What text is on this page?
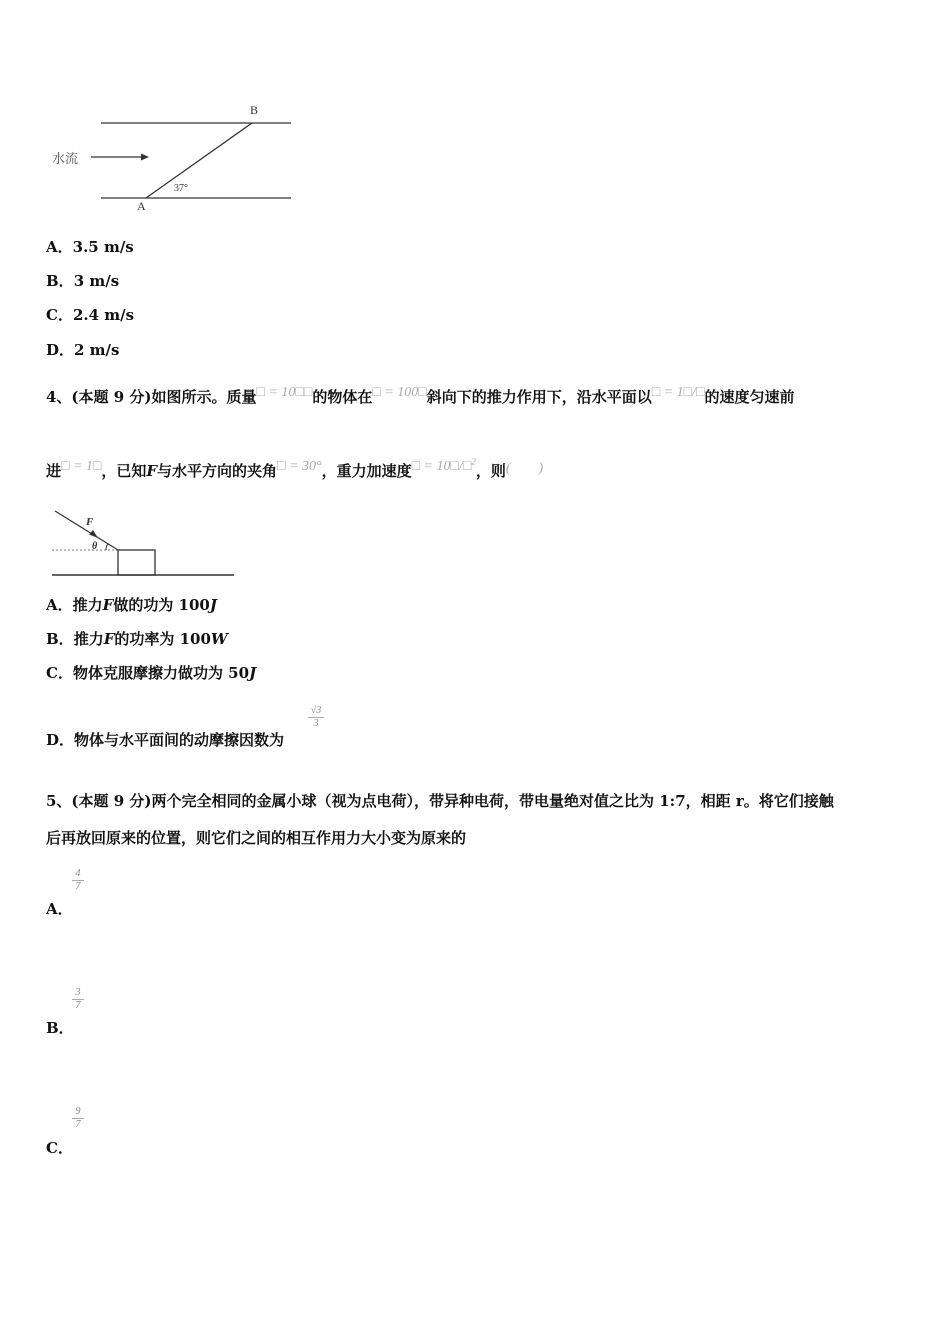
水流
A
B
37°
A．3.5 m/s
B．3 m/s
C．2.4 m/s
D．2 m/s
4、(本题 9 分)如图所示。质量□ = 10□□的物体在□ = 100□斜向下的推力作用下，沿水平面以□ = 1□/□的速度匀速前
进□ = 1□，已知F与水平方向的夹角□ = 30°，重力加速度□ = 10□/□$^2$，则(　　)
F
θ
A．推力F做的功为 100J
B．推力F的功率为 100W
C．物体克服摩擦力做功为 50J
D．物体与水平面间的动摩擦因数为
√3
3
5、(本题 9 分)两个完全相同的金属小球（视为点电荷），带异种电荷，带电量绝对值之比为 1:7，相距 r。将它们接触
后再放回原来的位置，则它们之间的相互作用力大小变为原来的
4
7
A．
3
7
B．
9
7
C．
